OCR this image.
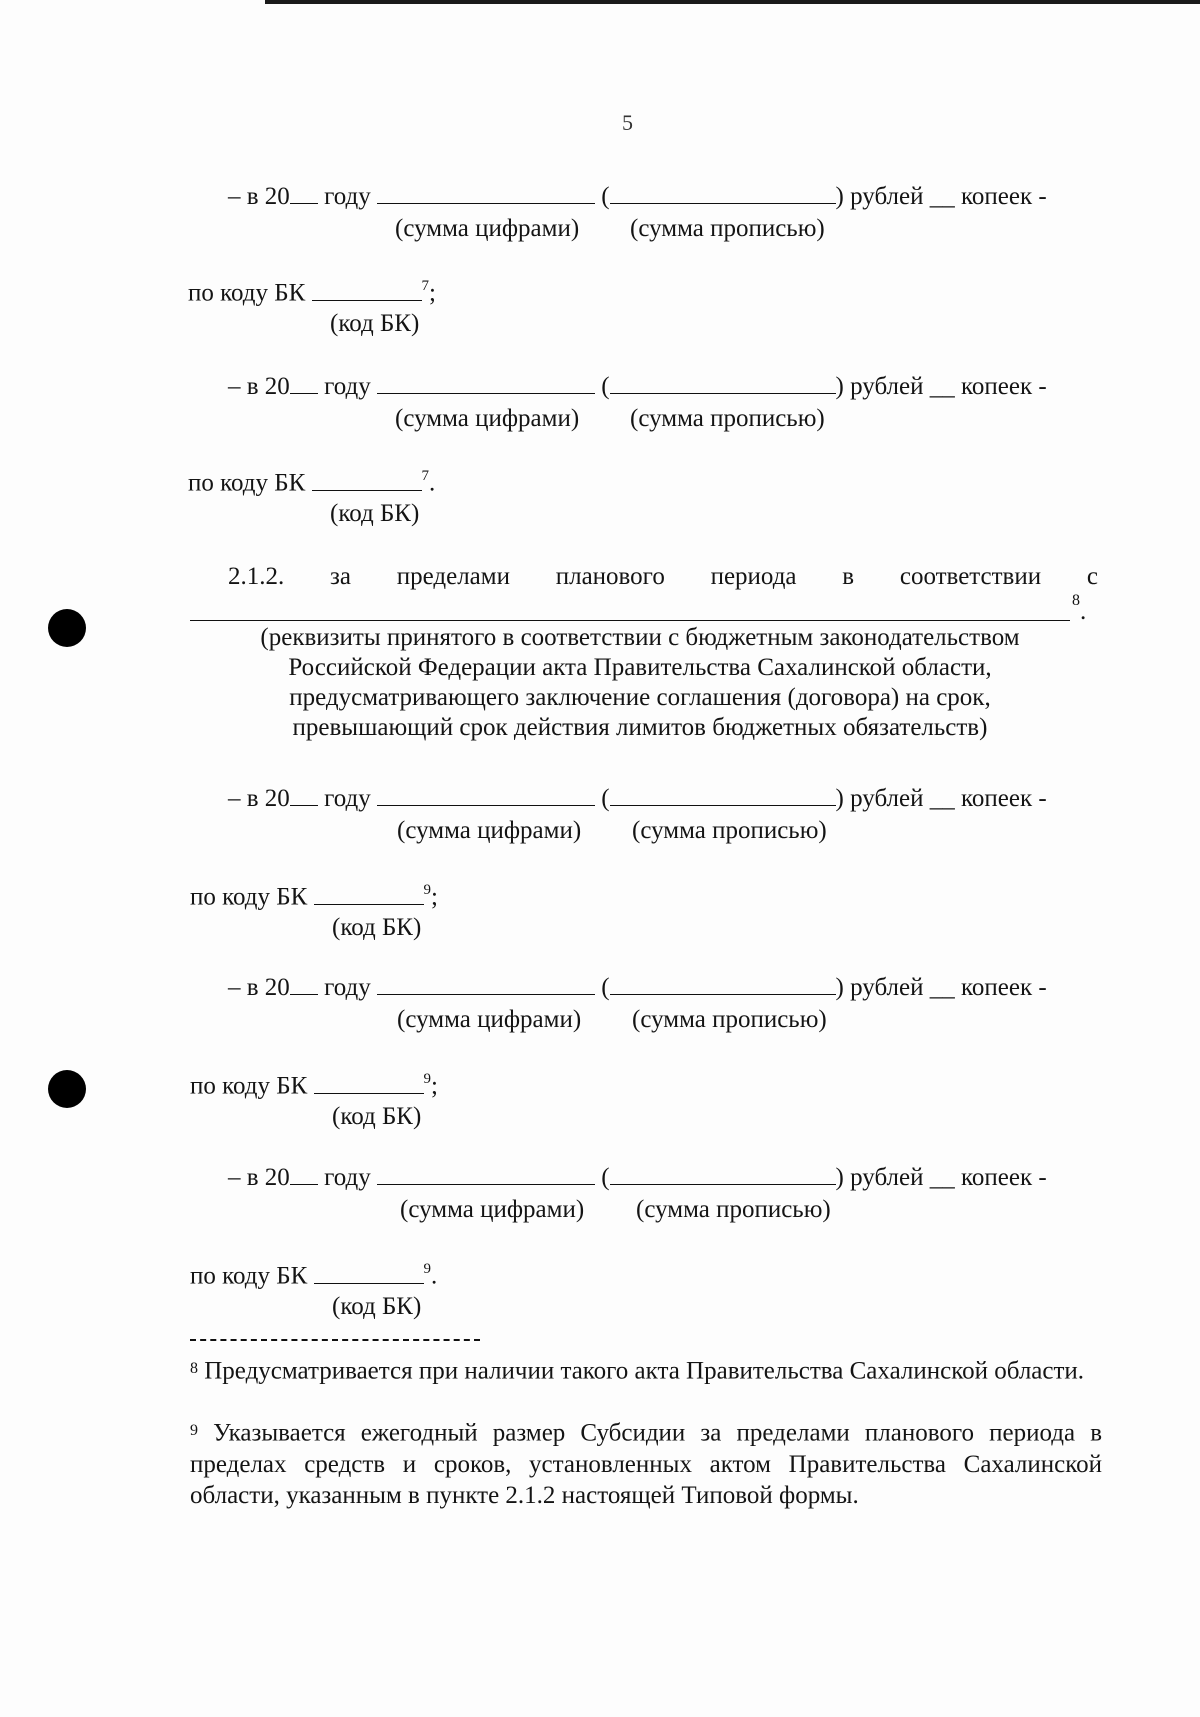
5
– в 20 году	(	) рублей __ копеек -
(сумма цифрами) (сумма прописью)
по коду БК	$^7$;
(код БК)
– в 20 году	(	) рублей __ копеек -
(сумма цифрами) (сумма прописью)
по коду БК	$^7$.
(код БК)
2.1.2. за пределами планового периода в соответствии с
8 .
(реквизиты принятого в соответствии с бюджетным законодательством
Российской Федерации акта Правительства Сахалинской области,
предусматривающего заключение соглашения (договора) на срок,
превышающий срок действия лимитов бюджетных обязательств)
– в 20 году	(	) рублей __ копеек -
(сумма цифрами) (сумма прописью)
по коду БК	$^9$;
(код БК)
– в 20 году	(	) рублей __ копеек -
(сумма цифрами) (сумма прописью)
по коду БК	$^9$;
(код БК)
– в 20 году	(	) рублей __ копеек -
(сумма цифрами) (сумма прописью)
по коду БК	$^9$.
(код БК)
$^8$ Предусматривается при наличии такого акта Правительства Сахалинской области.
$^9$ Указывается ежегодный размер Субсидии за пределами планового периода в пределах средств и сроков, установленных актом Правительства Сахалинской области, указанным в пункте 2.1.2 настоящей Типовой формы.
